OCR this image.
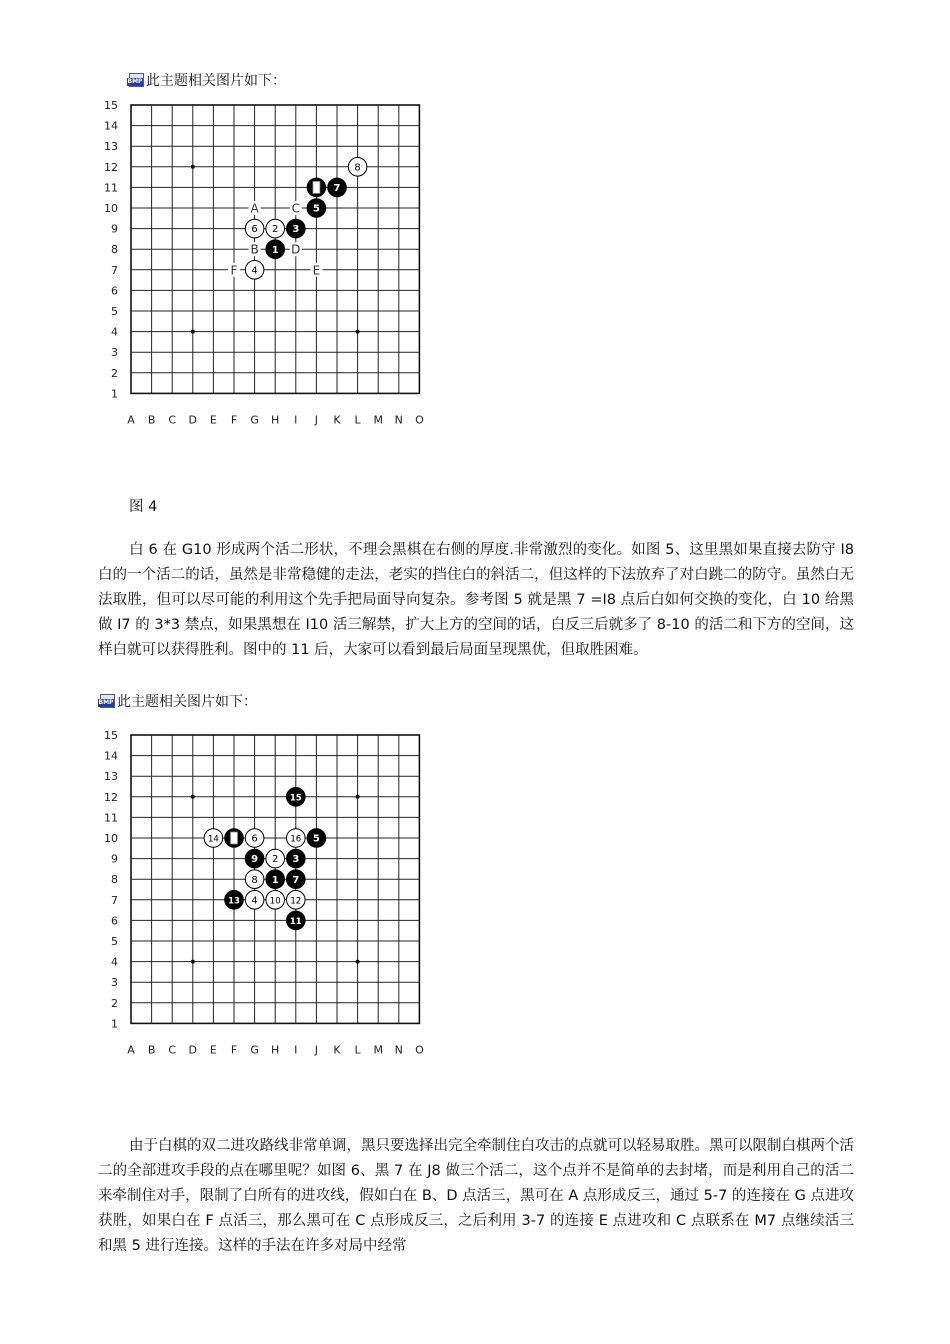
BMP 此主题相关图片如下：
15
14
13
12
11
10
9
8
7
6
5
4
3
2
1
A B C D E F G H I J K L M N O
A
B
C
D
E
F
1
2 3
4
5
6
7
8
图 4
白 6 在 G10 形成两个活二形状，不理会黑棋在右侧的厚度.非常激烈的变化。如图 5、这里黑如果直接去防守 I8 白的一个活二的话，虽然是非常稳健的走法，老实的挡住白的斜活二，但这样的下法放弃了对白跳二的防守。虽然白无法取胜，但可以尽可能的利用这个先手把局面导向复杂。参考图 5 就是黑 7 =I8 点后白如何交换的变化，白 10 给黑做 I7 的 3*3 禁点，如果黑想在 I10 活三解禁，扩大上方的空间的话，白反三后就多了 8-10 的活二和下方的空间，这样白就可以获得胜利。图中的 11 后，大家可以看到最后局面呈现黑优，但取胜困难。
BMP 此主题相关图片如下：
15
14
13
12
11
10
9
8
7
6
5
4
3
2
1
A B C D E F G H I J K L M N O
1
2 3
4
5
6
7
8
9
10
11
12
13
14
15
16
由于白棋的双二进攻路线非常单调，黑只要选择出完全牵制住白攻击的点就可以轻易取胜。黑可以限制白棋两个活二的全部进攻手段的点在哪里呢？如图 6、黑 7 在 J8 做三个活二，这个点并不是简单的去封堵，而是利用自己的活二来牵制住对手，限制了白所有的进攻线，假如白在 B、D 点活三，黑可在 A 点形成反三，通过 5-7 的连接在 G 点进攻获胜，如果白在 F 点活三，那么黑可在 C 点形成反三，之后利用 3-7 的连接 E 点进攻和 C 点联系在 M7 点继续活三和黑 5 进行连接。这样的手法在许多对局中经常
